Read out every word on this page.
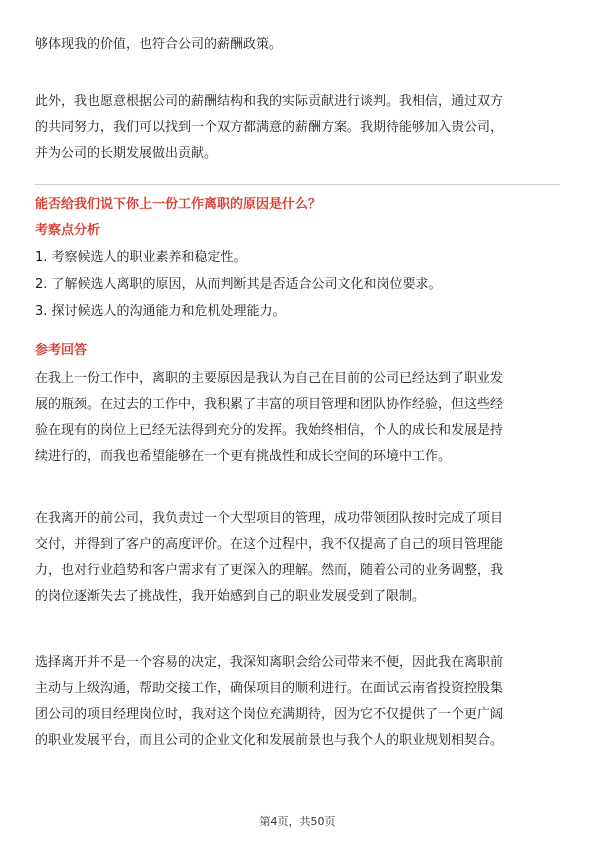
够体现我的价值，也符合公司的薪酬政策。
此外，我也愿意根据公司的薪酬结构和我的实际贡献进行谈判。我相信，通过双方
的共同努力，我们可以找到一个双方都满意的薪酬方案。我期待能够加入贵公司，
并为公司的长期发展做出贡献。
能否给我们说下你上一份工作离职的原因是什么？
考察点分析
1. 考察候选人的职业素养和稳定性。
2. 了解候选人离职的原因，从而判断其是否适合公司文化和岗位要求。
3. 探讨候选人的沟通能力和危机处理能力。
参考回答
在我上一份工作中，离职的主要原因是我认为自己在目前的公司已经达到了职业发
展的瓶颈。在过去的工作中，我积累了丰富的项目管理和团队协作经验，但这些经
验在现有的岗位上已经无法得到充分的发挥。我始终相信，个人的成长和发展是持
续进行的，而我也希望能够在一个更有挑战性和成长空间的环境中工作。
在我离开的前公司，我负责过一个大型项目的管理，成功带领团队按时完成了项目
交付，并得到了客户的高度评价。在这个过程中，我不仅提高了自己的项目管理能
力，也对行业趋势和客户需求有了更深入的理解。然而，随着公司的业务调整，我
的岗位逐渐失去了挑战性，我开始感到自己的职业发展受到了限制。
选择离开并不是一个容易的决定，我深知离职会给公司带来不便，因此我在离职前
主动与上级沟通，帮助交接工作，确保项目的顺利进行。在面试云南省投资控股集
团公司的项目经理岗位时，我对这个岗位充满期待，因为它不仅提供了一个更广阔
的职业发展平台，而且公司的企业文化和发展前景也与我个人的职业规划相契合。
第4页，共50页
